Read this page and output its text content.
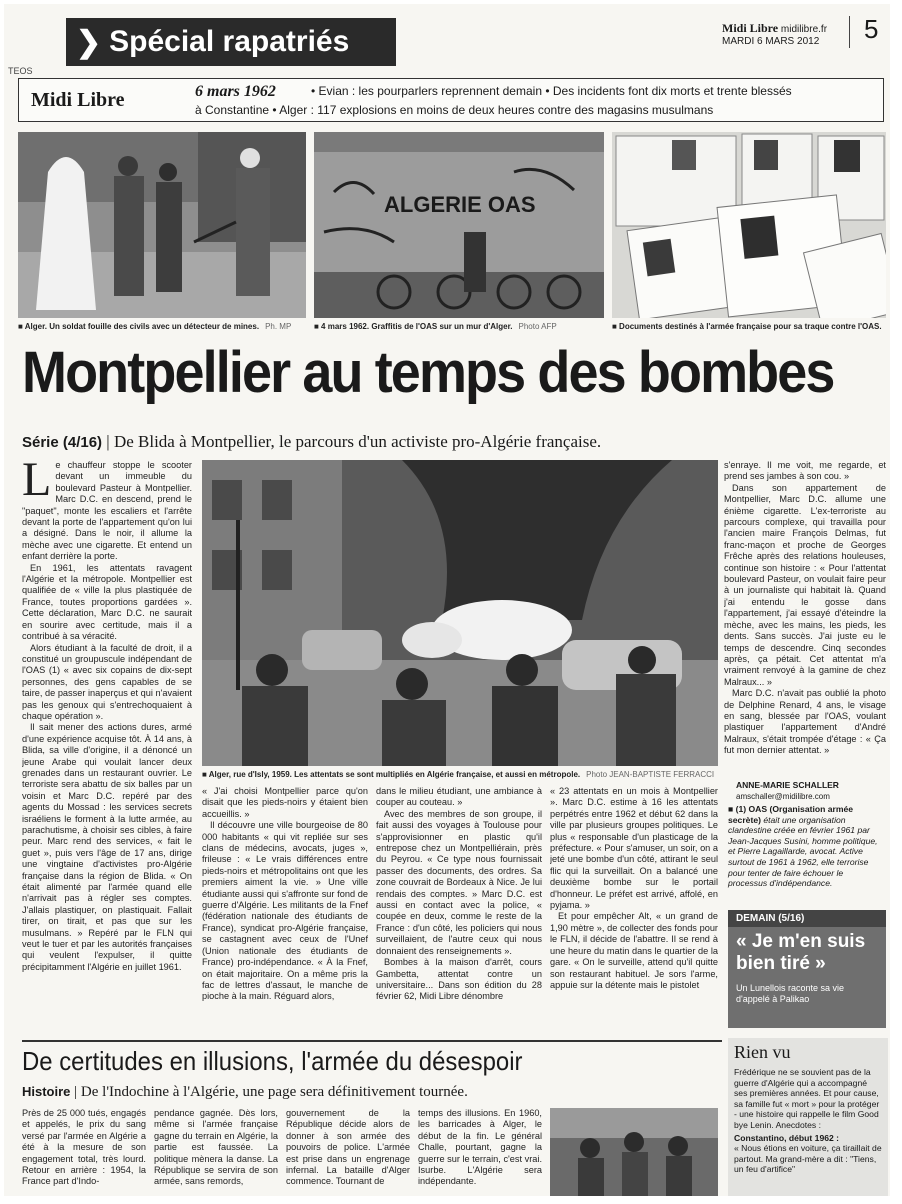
❯ Spécial rapatriés	Midi Libre midilibre.fr
MARDI 6 MARS 2012 5
TEOS
Midi Libre	6 mars 1962	• Evian : les pourparlers reprennent demain • Des incidents font dix morts et trente blessés
à Constantine • Alger : 117 explosions en moins de deux heures contre des magasins musulmans
■ Alger. Un soldat fouille des civils avec un détecteur de mines. Ph. MP
ALGERIE OAS
■ 4 mars 1962. Graffitis de l'OAS sur un mur d'Alger. Photo AFP	■ Documents destinés à l'armée française pour sa traque contre l'OAS.
Montpellier au temps des bombes
Série (4/16) | De Blida à Montpellier, le parcours d'un activiste pro-Algérie française.
L e chauffeur stoppe le scooter devant un immeuble du boulevard Pasteur à Montpellier. Marc D.C. en descend, prend le "paquet", monte les escaliers et l'arrête devant la porte de l'appartement qu'on lui a désigné. Dans le noir, il allume la mèche avec une cigarette. Et entend un enfant derrière la porte.

En 1961, les attentats ravagent l'Algérie et la métropole. Montpellier est qualifiée de « ville la plus plastiquée de France, toutes proportions gardées ». Cette déclaration, Marc D.C. ne saurait en sourire avec certitude, mais il a contribué à sa véracité.

Alors étudiant à la faculté de droit, il a constitué un groupuscule indépendant de l'OAS (1) « avec six copains de dix-sept personnes, des gens capables de se taire, de passer inaperçus et qui n'avaient pas les genoux qui s'entrechoquaient à chaque opération ».

Il sait mener des actions dures, armé d'une expérience acquise tôt. À 14 ans, à Blida, sa ville d'origine, il a dénoncé un jeune Arabe qui voulait lancer deux grenades dans un restaurant ouvrier. Le terroriste sera abattu de six balles par un voisin et Marc D.C. repéré par des agents du Mossad : les services secrets israéliens le forment à la lutte armée, au parachutisme, à choisir ses cibles, à faire peur. Marc rend des services, « fait le guet », puis vers l'âge de 17 ans, dirige une vingtaine d'activistes pro-Algérie française dans la région de Blida. « On était alimenté par l'armée quand elle n'arrivait pas à régler ses comptes. J'allais plastiquer, on plastiquait. Fallait tirer, on tirait, et pas que sur les musulmans. » Repéré par le FLN qui veut le tuer et par les autorités françaises qui veulent l'expulser, il quitte précipitamment l'Algérie en juillet 1961.

■ Alger, rue d'Isly, 1959. Les attentats se sont multipliés en Algérie française, et aussi en métropole. Photo JEAN-BAPTISTE FERRACCI

s'enraye. Il me voit, me regarde, et prend ses jambes à son cou. »

Dans son appartement de Montpellier, Marc D.C. allume une énième cigarette. L'ex-terroriste au parcours complexe, qui travailla pour l'ancien maire François Delmas, fut franc-maçon et proche de Georges Frêche après des relations houleuses, continue son histoire : « Pour l'attentat boulevard Pasteur, on voulait faire peur à un journaliste qui habitait là. Quand j'ai entendu le gosse dans l'appartement, j'ai essayé d'éteindre la mèche, avec les mains, les pieds, les dents. Sans succès. J'ai juste eu le temps de descendre. Cinq secondes après, ça pétait. Cet attentat m'a vraiment renvoyé à la gamine de chez Malraux... »

Marc D.C. n'avait pas oublié la photo de Delphine Renard, 4 ans, le visage en sang, blessée par l'OAS, voulant plastiquer l'appartement d'André Malraux, s'était trompée d'étage : « Ça fut mon dernier attentat. »

« J'ai choisi Montpellier parce qu'on disait que les pieds-noirs y étaient bien accueillis. »

Il découvre une ville bourgeoise de 80 000 habitants « qui vit repliée sur ses clans de médecins, avocats, juges », frileuse : « Le vrais différences entre pieds-noirs et métropolitains ont que les premiers aiment la vie. » Une ville étudiante aussi qui s'affronte sur fond de guerre d'Algérie. Les militants de la Fnef (fédération nationale des étudiants de France), syndicat pro-Algérie française, se castagnent avec ceux de l'Unef (Union nationale des étudiants de France) pro-indépendance. « À la Fnef, on était majoritaire. On a même pris la fac de lettres d'assaut, le manche de pioche à la main. Réguard alors,

dans le milieu étudiant, une ambiance à couper au couteau. »

Avec des membres de son groupe, il fait aussi des voyages à Toulouse pour s'approvisionner en plastic qu'il entrepose chez un Montpelliérain, près du Peyrou. « Ce type nous fournissait passer des documents, des ordres. Sa zone couvrait de Bordeaux à Nice. Je lui rendais des comptes. » Marc D.C. est aussi en contact avec la police, « coupée en deux, comme le reste de la France : d'un côté, les policiers qui nous surveillaient, de l'autre ceux qui nous donnaient des renseignements ».

Bombes à la maison d'arrêt, cours Gambetta, attentat contre un universitaire... Dans son édition du 28 février 62, Midi Libre dénombre

« 23 attentats en un mois à Montpellier ». Marc D.C. estime à 16 les attentats perpétrés entre 1962 et début 62 dans la ville par plusieurs groupes politiques. Le plus « responsable d'un plasticage de la préfecture. « Pour s'amuser, un soir, on a jeté une bombe d'un côté, attirant le seul flic qui la surveillait. On a balancé une deuxième bombe sur le portail d'honneur. Le préfet est arrivé, affolé, en pyjama. »

Et pour empêcher Alt, « un grand de 1,90 mètre », de collecter des fonds pour le FLN, il décide de l'abattre. Il se rend à une heure du matin dans le quartier de la gare. « On le surveille, attend qu'il quitte son restaurant habituel. Je sors l'arme, appuie sur la détente mais le pistolet

ANNE-MARIE SCHALLER
amschaller@midilibre.com
■ (1) OAS (Organisation armée secrète) était une organisation clandestine créée en février 1961 par Jean-Jacques Susini, homme politique, et Pierre Lagaillarde, avocat. Active surtout de 1961 à 1962, elle terrorise pour tenter de faire échouer le processus d'indépendance.
DEMAIN (5/16)
« Je m'en suis bien tiré »
Un Lunellois raconte sa vie d'appelé à Palikao
De certitudes en illusions, l'armée du désespoir
Histoire | De l'Indochine à l'Algérie, une page sera définitivement tournée.

Près de 25 000 tués, engagés et appelés, le prix du sang versé par l'armée en Algérie a été à la mesure de son engagement total, très lourd. Retour en arrière : 1954, la France part d'Indo-

pendance gagnée. Dès lors, même si l'armée française gagne du terrain en Algérie, la partie est faussée. La politique mènera la danse. La République se servira de son armée, sans remords,

gouvernement de la République décide alors de donner à son armée des pouvoirs de police. L'armée est prise dans un engrenage infernal. La bataille d'Alger commence. Tournant de

temps des illusions. En 1960, les barricades à Alger, le début de la fin. Le général Challe, pourtant, gagne la guerre sur le terrain, c'est vrai. Isurbe. L'Algérie sera indépendante.

Rien vu
Frédérique ne se souvient pas de la guerre d'Algérie qui a accompagné ses premières années. Et pour cause, sa famille fut « mort » pour la protéger - une histoire qui rappelle le film Good bye Lenin. Anecdotes :
Constantino, début 1962 :
« Nous étions en voiture, ça tiraillait de partout. Ma grand-mère a dit : "Tiens, un feu d'artifice"
